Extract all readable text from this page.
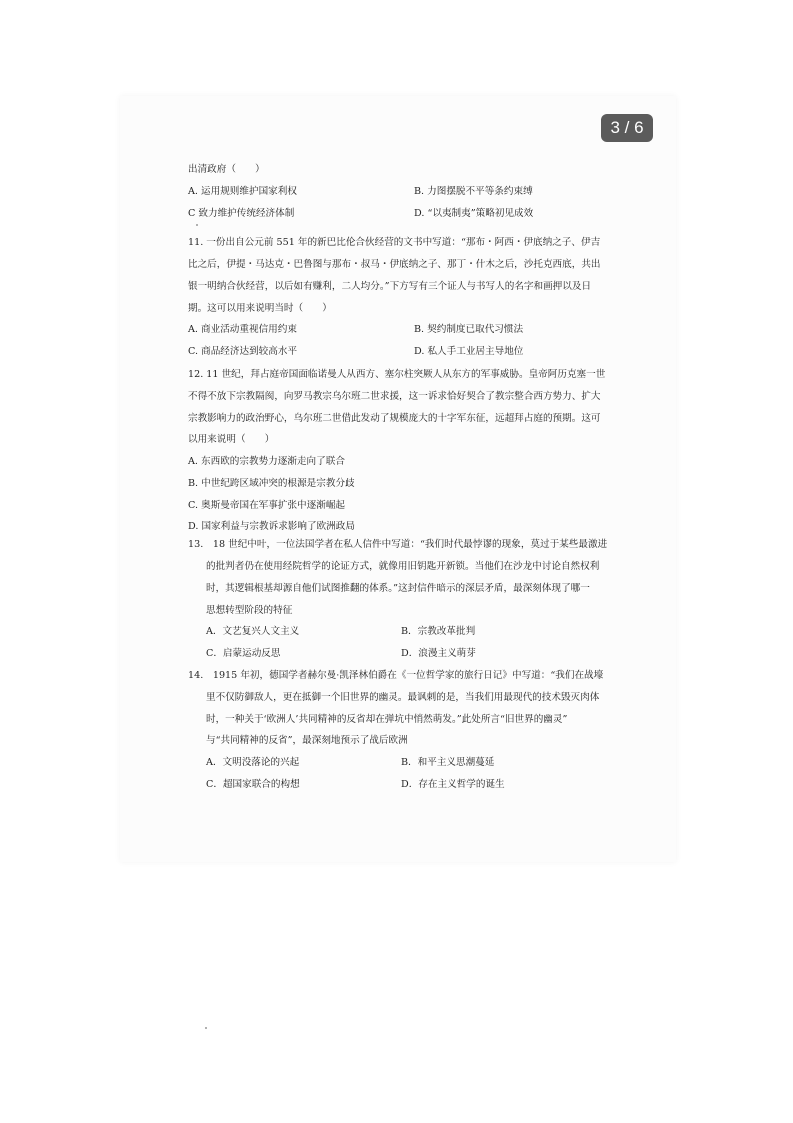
3 / 6
出清政府（　　）
A. 运用规则维护国家利权	B. 力图摆脱不平等条约束缚
C 致力维护传统经济体制	D. “以夷制夷”策略初见成效
11. 一份出自公元前 551 年的新巴比伦合伙经营的文书中写道：“那布・阿西・伊底纳之子、伊吉
比之后，伊提・马达克・巴鲁图与那布・叔马・伊底纳之子、那丁・什木之后，沙托克西底，共出
银一明纳合伙经营，以后如有赚利，二人均分。”下方写有三个证人与书写人的名字和画押以及日
期。这可以用来说明当时（　　）
A. 商业活动重视信用约束	B. 契约制度已取代习惯法
C. 商品经济达到较高水平	D. 私人手工业居主导地位
12. 11 世纪，拜占庭帝国面临诺曼人从西方、塞尔柱突厥人从东方的军事威胁。皇帝阿历克塞一世
不得不放下宗教隔阂，向罗马教宗乌尔班二世求援，这一诉求恰好契合了教宗整合西方势力、扩大
宗教影响力的政治野心，乌尔班二世借此发动了规模庞大的十字军东征，远超拜占庭的预期。这可
以用来说明（　　）
A. 东西欧的宗教势力逐渐走向了联合
B. 中世纪跨区域冲突的根源是宗教分歧
C. 奥斯曼帝国在军事扩张中逐渐崛起
D. 国家利益与宗教诉求影响了欧洲政局
13.　18 世纪中叶，一位法国学者在私人信件中写道：“我们时代最悖谬的现象，莫过于某些最激进
的批判者仍在使用经院哲学的论证方式，就像用旧钥匙开新锁。当他们在沙龙中讨论自然权利
时，其逻辑根基却源自他们试图推翻的体系。”这封信件暗示的深层矛盾，最深刻体现了哪一
思想转型阶段的特征
A．文艺复兴人文主义	B．宗教改革批判
C．启蒙运动反思	D．浪漫主义萌芽
14.　1915 年初，德国学者赫尔曼·凯泽林伯爵在《一位哲学家的旅行日记》中写道：“我们在战壕
里不仅防御敌人，更在抵御一个旧世界的幽灵。最讽刺的是，当我们用最现代的技术毁灭肉体
时，一种关于‘欧洲人’共同精神的反省却在弹坑中悄然萌发。”此处所言“旧世界的幽灵”
与“共同精神的反省”，最深刻地预示了战后欧洲
A．文明没落论的兴起	B．和平主义思潮蔓延
C．超国家联合的构想	D．存在主义哲学的诞生
